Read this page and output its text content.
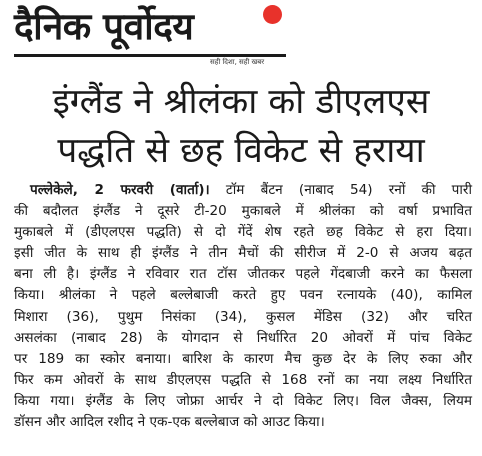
दैनिक पूर्वोदय
सही दिशा, सही खबर
इंग्लैंड ने श्रीलंका को डीएलएस
पद्धति से छह विकेट से हराया
पल्लेकेले, 2 फरवरी (वार्ता)। टॉम बैंटन (नाबाद 54) रनों की पारी
की बदौलत इंग्लैंड ने दूसरे टी-20 मुकाबले में श्रीलंका को वर्षा प्रभावित
मुकाबले में (डीएलएस पद्धति) से दो गेंदें शेष रहते छह विकेट से हरा दिया।
इसी जीत के साथ ही इंग्लैंड ने तीन मैचों की सीरीज में 2-0 से अजय बढ़त
बना ली है। इंग्लैंड ने रविवार रात टॉस जीतकर पहले गेंदबाजी करने का फैसला
किया। श्रीलंका ने पहले बल्लेबाजी करते हुए पवन रत्नायके (40), कामिल
मिशारा (36), पुथुम निसंका (34), कुसल मेंडिस (32) और चरित
असलंका (नाबाद 28) के योगदान से निर्धारित 20 ओवरों में पांच विकेट
पर 189 का स्कोर बनाया। बारिश के कारण मैच कुछ देर के लिए रुका और
फिर कम ओवरों के साथ डीएलएस पद्धति से 168 रनों का नया लक्ष्य निर्धारित
किया गया। इंग्लैंड के लिए जोफ्रा आर्चर ने दो विकेट लिए। विल जैक्स, लियम
डॉसन और आदिल रशीद ने एक-एक बल्लेबाज को आउट किया।
